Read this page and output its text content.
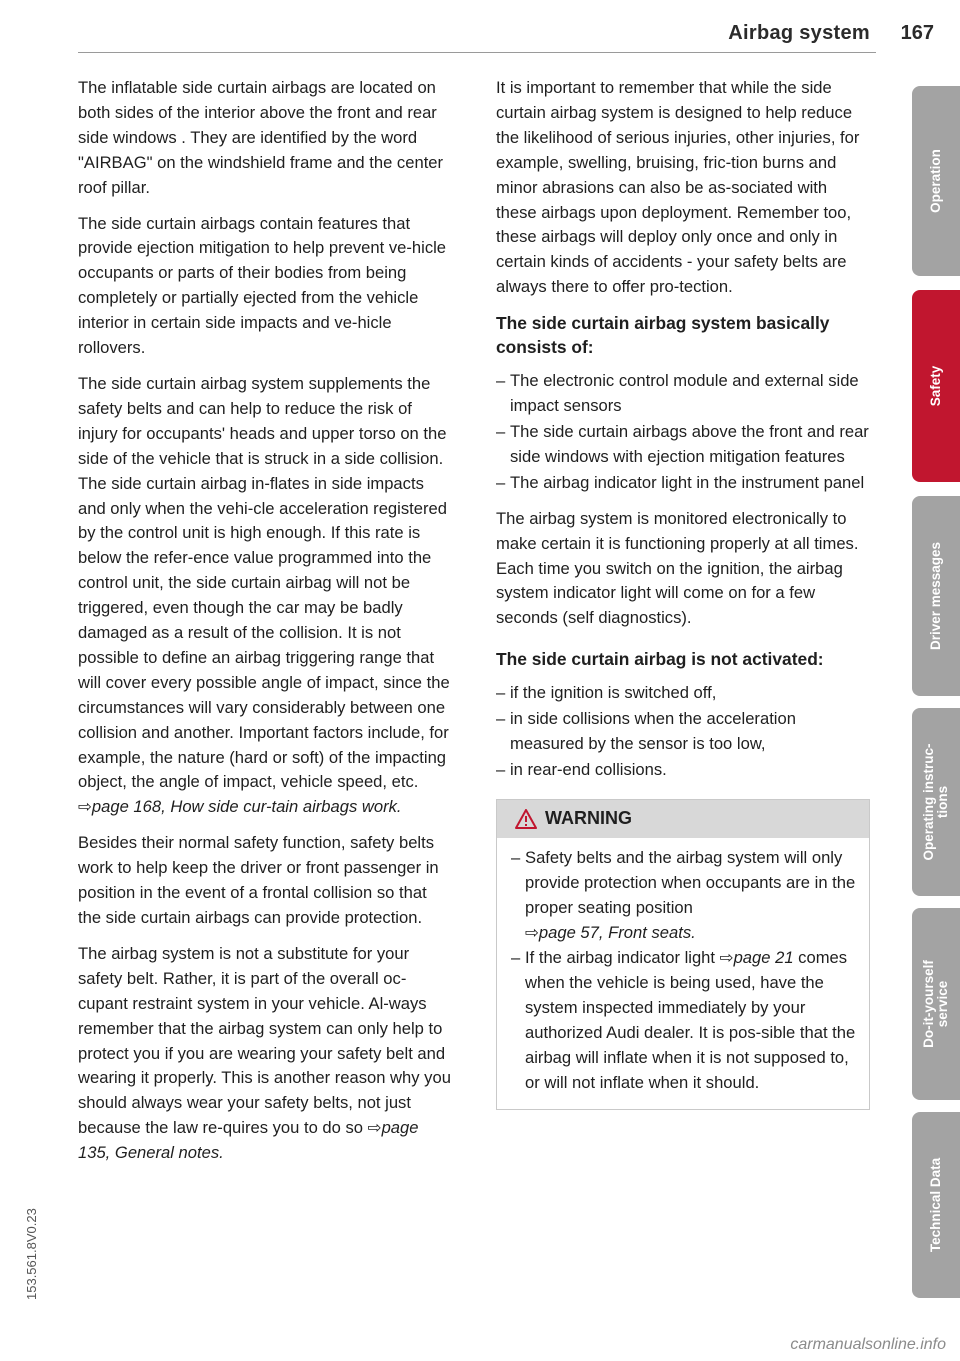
Airbag system 167

The inflatable side curtain airbags are located on both sides of the interior above the front and rear side windows . They are identified by the word "AIRBAG" on the windshield frame and the center roof pillar.

The side curtain airbags contain features that provide ejection mitigation to help prevent ve-hicle occupants or parts of their bodies from being completely or partially ejected from the vehicle interior in certain side impacts and ve-hicle rollovers.

The side curtain airbag system supplements the safety belts and can help to reduce the risk of injury for occupants' heads and upper torso on the side of the vehicle that is struck in a side collision. The side curtain airbag in-flates in side impacts and only when the vehi-cle acceleration registered by the control unit is high enough. If this rate is below the refer-ence value programmed into the control unit, the side curtain airbag will not be triggered, even though the car may be badly damaged as a result of the collision. It is not possible to define an airbag triggering range that will cover every possible angle of impact, since the circumstances will vary considerably between one collision and another. Important factors include, for example, the nature (hard or soft) of the impacting object, the angle of impact, vehicle speed, etc. ⇨page 168, How side cur-tain airbags work.

Besides their normal safety function, safety belts work to help keep the driver or front passenger in position in the event of a frontal collision so that the side curtain airbags can provide protection.

The airbag system is not a substitute for your safety belt. Rather, it is part of the overall oc-cupant restraint system in your vehicle. Al-ways remember that the airbag system can only help to protect you if you are wearing your safety belt and wearing it properly. This is another reason why you should always wear your safety belts, not just because the law re-quires you to do so ⇨page 135, General notes.

It is important to remember that while the side curtain airbag system is designed to help reduce the likelihood of serious injuries, other injuries, for example, swelling, bruising, fric-tion burns and minor abrasions can also be as-sociated with these airbags upon deployment. Remember too, these airbags will deploy only once and only in certain kinds of accidents - your safety belts are always there to offer pro-tection.

The side curtain airbag system basically consists of:
– The electronic control module and external side impact sensors
– The side curtain airbags above the front and rear side windows with ejection mitigation features
– The airbag indicator light in the instrument panel

The airbag system is monitored electronically to make certain it is functioning properly at all times. Each time you switch on the ignition, the airbag system indicator light will come on for a few seconds (self diagnostics).

The side curtain airbag is not activated:
– if the ignition is switched off,
– in side collisions when the acceleration measured by the sensor is too low,
– in rear-end collisions.
WARNING
– Safety belts and the airbag system will only provide protection when occupants are in the proper seating position
⇨page 57, Front seats.
– If the airbag indicator light ⇨page 21 comes when the vehicle is being used, have the system inspected immediately by your authorized Audi dealer. It is pos-sible that the airbag will inflate when it is not supposed to, or will not inflate when it should.
Operation
Safety
Driver messages
Operating instruc-
tions
Do-it-yourself
service
Technical Data
153.561.8V0.23
carmanualsonline.info
